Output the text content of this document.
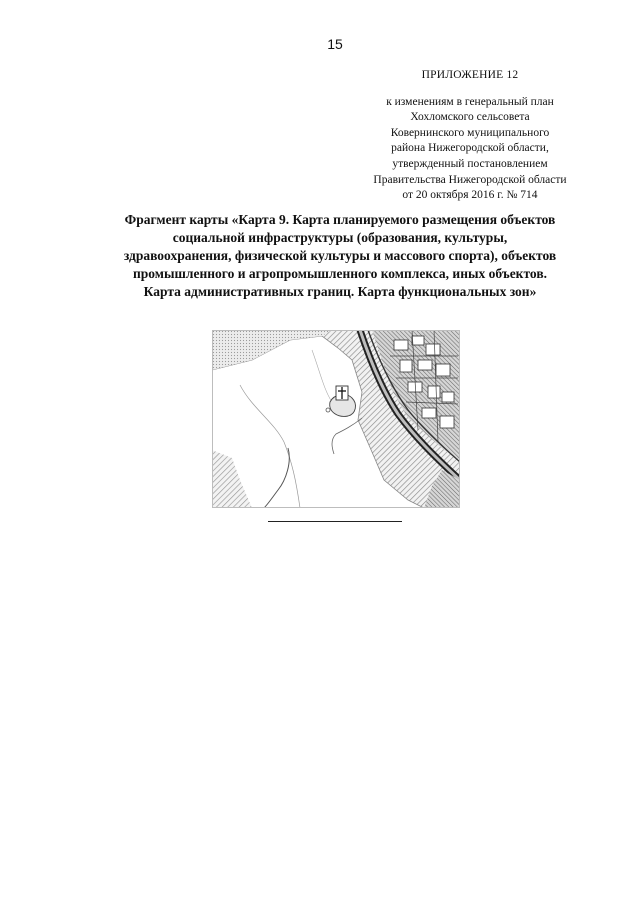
15
ПРИЛОЖЕНИЕ 12
к изменениям в генеральный план
Хохломского сельсовета
Ковернинского муниципального
района Нижегородской области,
утвержденный постановлением
Правительства Нижегородской области
от 20 октября 2016 г. № 714
Фрагмент карты «Карта 9. Карта планируемого размещения объектов
социальной инфраструктуры (образования, культуры,
здравоохранения, физической культуры и массового спорта), объектов
промышленного и агропромышленного комплекса, иных объектов.
Карта административных границ. Карта функциональных зон»
